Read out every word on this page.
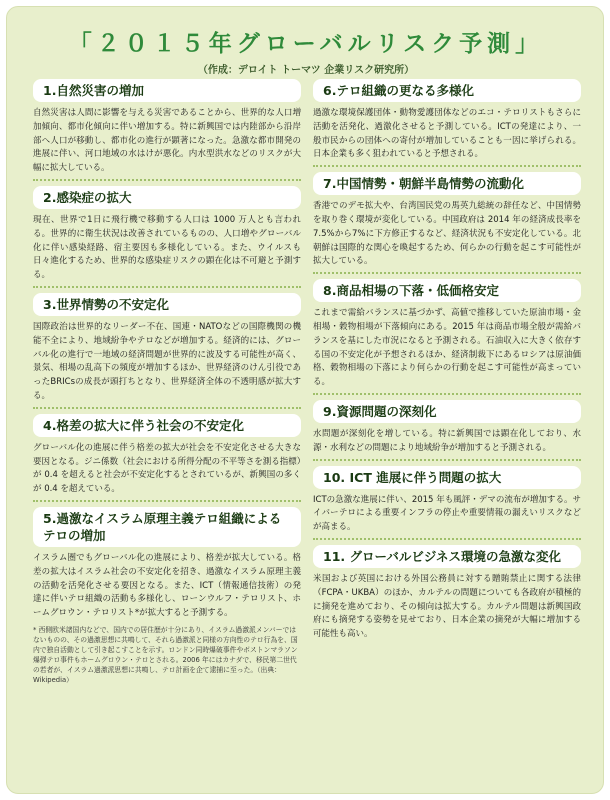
「２０１５年グローバルリスク予測」
（作成：デロイト トーマツ 企業リスク研究所）
1.自然災害の増加
自然災害は人間に影響を与える災害であることから、世界的な人口増加傾向、都市化傾向に伴い増加する。特に新興国では内陸部から沿岸部へ人口が移動し、都市化の進行が顕著になった。急激な都市開発の進展に伴い、河口地域の水はけが悪化。内水型洪水などのリスクが大幅に拡大している。
2.感染症の拡大
現在、世界で1日に飛行機で移動する人口は 1000 万人とも言われる。世界的に衛生状況は改善されているものの、人口増やグローバル化に伴い感染経路、宿主要因も多様化している。また、ウイルスも日々進化するため、世界的な感染症リスクの顕在化は不可避と予測する。
3.世界情勢の不安定化
国際政治は世界的なリーダー不在、国連・NATOなどの国際機関の機能不全により、地域紛争やテロなどが増加する。経済的には、グローバル化の進行で一地域の経済問題が世界的に波及する可能性が高く、景気、相場の乱高下の頻度が増加するほか、世界経済のけん引役であったBRICsの成長が頭打ちとなり、世界経済全体の不透明感が拡大する。
4.格差の拡大に伴う社会の不安定化
グローバル化の進展に伴う格差の拡大が社会を不安定化させる大きな要因となる。ジニ係数（社会における所得分配の不平等さを測る指標）が 0.4 を超えると社会が不安定化するとされているが、新興国の多くが 0.4 を超えている。
5.過激なイスラム原理主義テロ組織による　テロの増加
イスラム圏でもグローバル化の進展により、格差が拡大している。格差の拡大はイスラム社会の不安定化を招き、過激なイスラム原理主義の活動を活発化させる要因となる。また、ICT（情報通信技術）の発達に伴いテロ組織の活動も多様化し、ローンウルフ・テロリスト、ホームグロウン・テロリスト*が拡大すると予測する。
* 西側欧米諸国内などで、国内での居住歴が十分にあり、イスラム過激派メンバーではないものの、その過激思想に共鳴して、それら過激派と同様の方向性のテロ行為を、国内で独自活動として引き起こすことを示す。ロンドン同時爆破事件やボストンマラソン爆弾テロ事件もホームグロウン・テロとされる。2006 年にはカナダで、移民第二世代の若者が、イスラム過激派思想に共鳴し、テロ計画を企て逮捕に至った。（出典：Wikipedia）
6.テロ組織の更なる多様化
過激な環境保護団体・動物愛護団体などのエコ・テロリストもさらに活動を活発化、過激化させると予測している。ICTの発達により、一般市民からの団体への寄付が増加していることも一因に挙げられる。日本企業も多く狙われていると予想される。
7.中国情勢・朝鮮半島情勢の流動化
香港でのデモ拡大や、台湾国民党の馬英九総統の辞任など、中国情勢を取り巻く環境が変化している。中国政府は 2014 年の経済成長率を7.5%から7%に下方修正するなど、経済状況も不安定化している。北朝鮮は国際的な関心を喚起するため、何らかの行動を起こす可能性が拡大している。
8.商品相場の下落・低価格安定
これまで需給バランスに基づかず、高値で推移していた原油市場・金相場・穀物相場が下落傾向にある。2015 年は商品市場全般が需給バランスを基にした市況になると予測される。石油収入に大きく依存する国の不安定化が予想されるほか、経済制裁下にあるロシアは原油価格、穀物相場の下落により何らかの行動を起こす可能性が高まっている。
9.資源問題の深刻化
水問題が深刻化を増している。特に新興国では顕在化しており、水源・水利などの問題により地域紛争が増加すると予測される。
10. ICT 進展に伴う問題の拡大
ICTの急激な進展に伴い、2015 年も風評・デマの流布が増加する。サイバーテロによる重要インフラの停止や重要情報の漏えいリスクなどが高まる。
11. グローバルビジネス環境の急激な変化
米国および英国における外国公務員に対する贈賄禁止に関する法律（FCPA・UKBA）のほか、カルテルの問題についても各政府が積極的に摘発を進めており、その傾向は拡大する。カルテル問題は新興国政府にも摘発する姿勢を見せており、日本企業の摘発が大幅に増加する可能性も高い。
